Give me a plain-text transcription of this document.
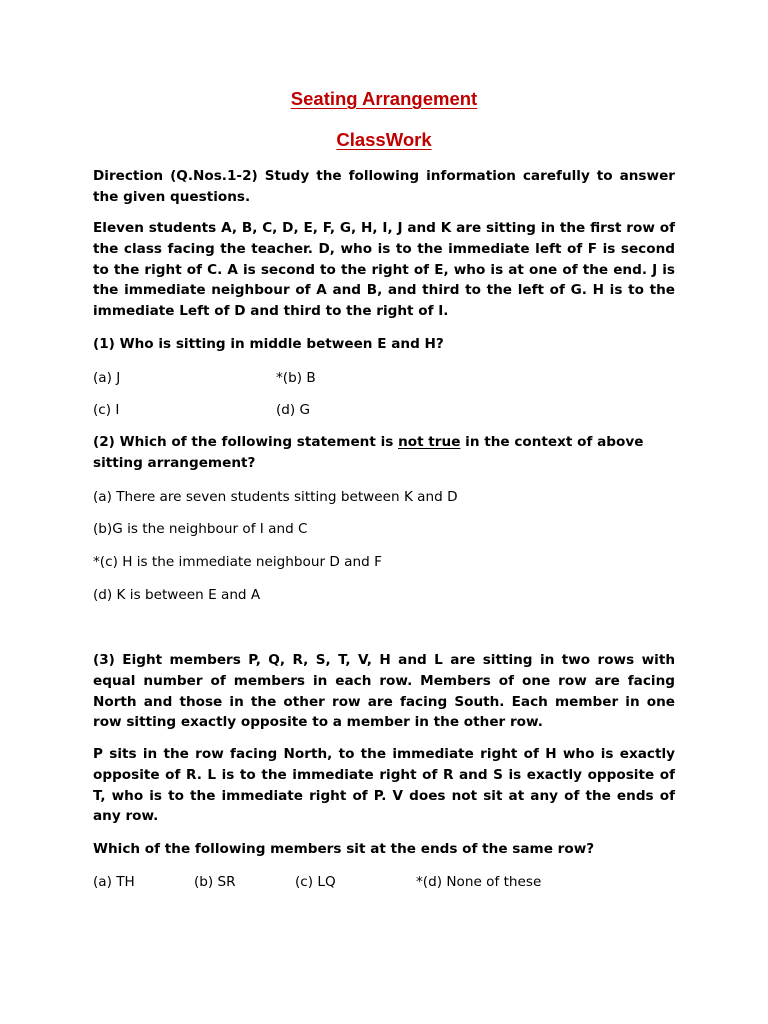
Seating Arrangement
ClassWork

Direction (Q.Nos.1-2) Study the following information carefully to answer the given questions.

Eleven students A, B, C, D, E, F, G, H, I, J and K are sitting in the first row of the class facing the teacher. D, who is to the immediate left of F is second to the right of C. A is second to the right of E, who is at one of the end. J is the immediate neighbour of A and B, and third to the left of G. H is to the immediate Left of D and third to the right of I.

(1) Who is sitting in middle between E and H?

(a) J	*(b) B
(c) I	(d) G

(2) Which of the following statement is not true in the context of above sitting arrangement?

(a) There are seven students sitting between K and D
(b)G is the neighbour of I and C
*(c) H is the immediate neighbour D and F
(d) K is between E and A

(3) Eight members P, Q, R, S, T, V, H and L are sitting in two rows with equal number of members in each row. Members of one row are facing North and those in the other row are facing South. Each member in one row sitting exactly opposite to a member in the other row.

P sits in the row facing North, to the immediate right of H who is exactly opposite of R. L is to the immediate right of R and S is exactly opposite of T, who is to the immediate right of P. V does not sit at any of the ends of any row.

Which of the following members sit at the ends of the same row?

(a) TH	(b) SR	(c) LQ	*(d) None of these
